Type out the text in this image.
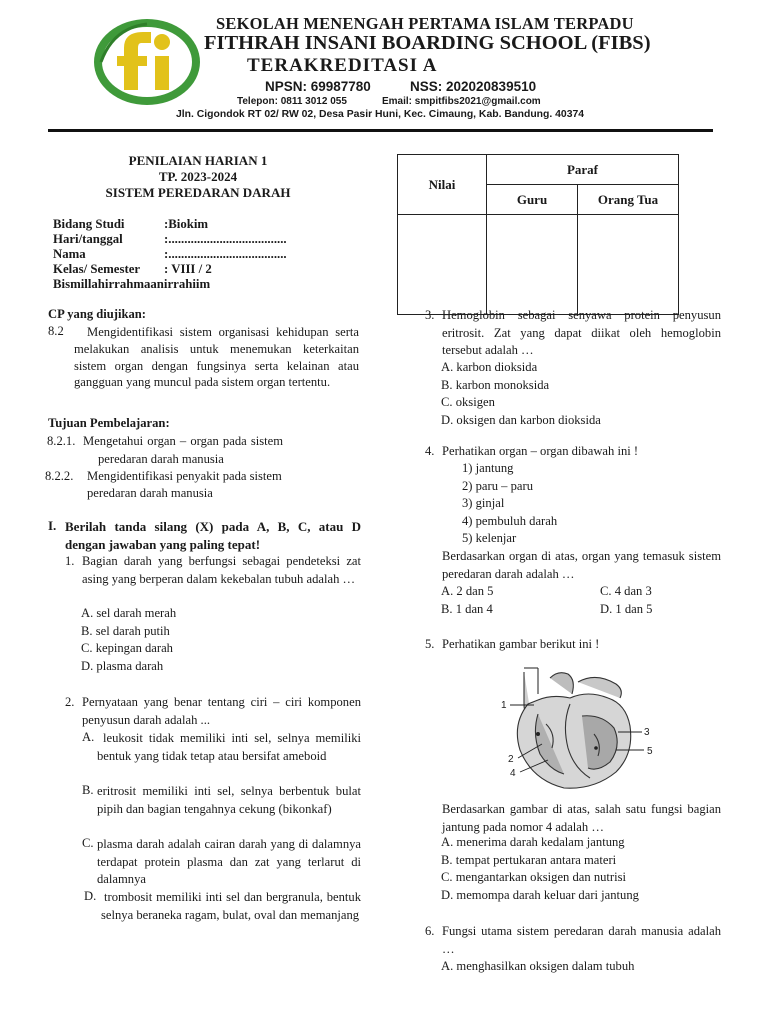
SEKOLAH MENENGAH PERTAMA ISLAM TERPADU
FITHRAH INSANI BOARDING SCHOOL (FIBS)
TERAKREDITASI A
NPSN: 69987780	NSS: 202020839510
Telepon: 0811 3012 055	Email: smpitfibs2021@gmail.com
Jln. Cigondok RT 02/ RW 02, Desa Pasir Huni, Kec. Cimaung, Kab. Bandung. 40374
PENILAIAN HARIAN 1
TP. 2023-2024
SISTEM PEREDARAN DARAH
Nilai	Paraf	
	Guru	Orang Tua

Bidang Studi	:Biokim
Hari/tanggal	:.....................................
Nama	:.....................................
Kelas/ Semester : VIII / 2
Bismillahirrahmaanirrahiim
CP yang diujikan:
8.2	Mengidentifikasi sistem organisasi kehidupan serta melakukan analisis untuk menemukan keterkaitan sistem organ dengan fungsinya serta kelainan atau gangguan yang muncul pada sistem organ tertentu.
Tujuan Pembelajaran:
8.2.1. Mengetahui organ – organ pada sistem
peredaran darah manusia
8.2.2. Mengidentifikasi penyakit pada sistem
peredaran darah manusia
I. Berilah tanda silang (X) pada A, B, C, atau D
dengan jawaban yang paling tepat!
1. Bagian darah yang berfungsi sebagai pendeteksi zat asing yang berperan dalam kekebalan tubuh adalah …
A. sel darah merah
B. sel darah putih
C. kepingan darah
D. plasma darah
2. Pernyataan yang benar tentang ciri – ciri komponen penyusun darah adalah ...
A. leukosit tidak memiliki inti sel, selnya memiliki bentuk yang tidak tetap atau bersifat ameboid
B. eritrosit memiliki inti sel, selnya berbentuk bulat pipih dan bagian tengahnya cekung (bikonkaf)
C. plasma darah adalah cairan darah yang di dalamnya terdapat protein plasma dan zat yang terlarut di dalamnya
D. trombosit memiliki inti sel dan bergranula, bentuk selnya beraneka ragam, bulat, oval dan memanjang
3. Hemoglobin sebagai senyawa protein penyusun eritrosit. Zat yang dapat diikat oleh hemoglobin tersebut adalah …
A. karbon dioksida
B. karbon monoksida
C. oksigen
D. oksigen dan karbon dioksida
4. Perhatikan organ – organ dibawah ini !
1) jantung
2) paru – paru
3) ginjal
4) pembuluh darah
5) kelenjar
Berdasarkan organ di atas, organ yang temasuk sistem peredaran darah adalah …
A. 2 dan 5	C. 4 dan 3
B. 1 dan 4	D. 1 dan 5
5. Perhatikan gambar berikut ini !
1
2
3
4
5
Berdasarkan gambar di atas, salah satu fungsi bagian jantung pada nomor 4 adalah …
A. menerima darah kedalam jantung
B. tempat pertukaran antara materi
C. mengantarkan oksigen dan nutrisi
D. memompa darah keluar dari jantung
6. Fungsi utama sistem peredaran darah manusia adalah …
A. menghasilkan oksigen dalam tubuh
